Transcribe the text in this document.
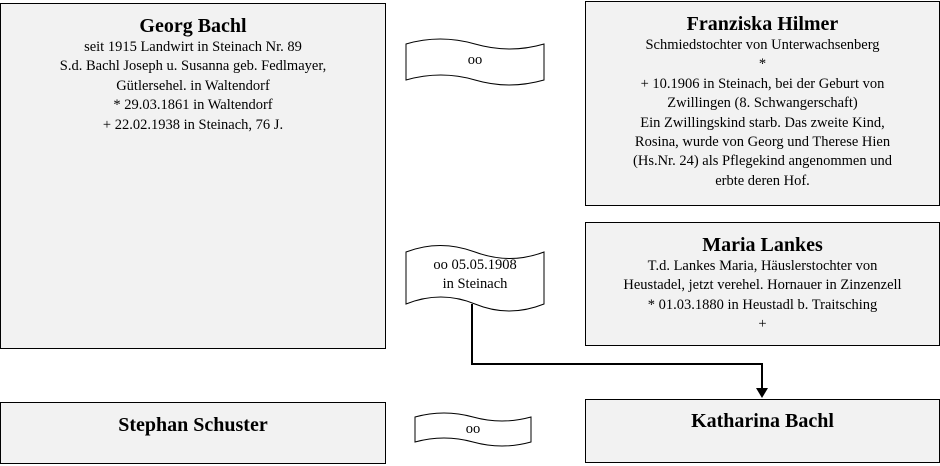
Georg Bachl
seit 1915 Landwirt in Steinach Nr. 89
S.d. Bachl Joseph u. Susanna geb. Fedlmayer,
Gütlersehel. in Waltendorf
* 29.03.1861 in Waltendorf
+ 22.02.1938 in Steinach, 76 J.
Franziska Hilmer
Schmiedstochter von Unterwachsenberg
*
+ 10.1906 in Steinach, bei der Geburt von
Zwillingen (8. Schwangerschaft)
Ein Zwillingskind starb. Das zweite Kind,
Rosina, wurde von Georg und Therese Hien
(Hs.Nr. 24) als Pflegekind angenommen und
erbte deren Hof.
Maria Lankes
T.d. Lankes Maria, Häuslerstochter von
Heustadel, jetzt verehel. Hornauer in Zinzenzell
* 01.03.1880 in Heustadl b. Traitsching
+
Stephan Schuster	Katharina Bachl
oo
oo 05.05.1908
in Steinach
oo
